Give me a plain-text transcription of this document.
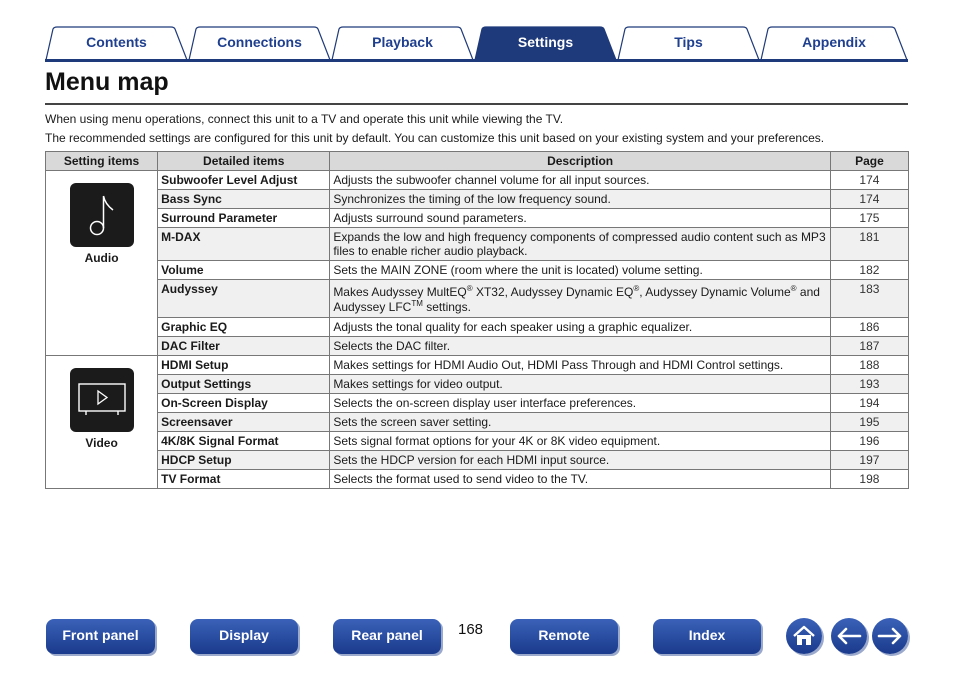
Contents	Connections	Playback	Settings	Tips	Appendix
Menu map
When using menu operations, connect this unit to a TV and operate this unit while viewing the TV.
The recommended settings are configured for this unit by default. You can customize this unit based on your existing system and your preferences.
Setting items	Detailed items	Description	Page

Audio	Subwoofer Level Adjust	Adjusts the subwoofer channel volume for all input sources.	174
	Bass Sync	Synchronizes the timing of the low frequency sound.	174
	Surround Parameter	Adjusts surround sound parameters.	175
	M-DAX	Expands the low and high frequency components of compressed audio content such as MP3 files to enable richer audio playback.	181
	Volume	Sets the MAIN ZONE (room where the unit is located) volume setting.	182
	Audyssey	Makes Audyssey MultEQ® XT32, Audyssey Dynamic EQ®, Audyssey Dynamic Volume® and Audyssey LFC™ settings.	183
	Graphic EQ	Adjusts the tonal quality for each speaker using a graphic equalizer.	186
	DAC Filter	Selects the DAC filter.	187

Video	HDMI Setup	Makes settings for HDMI Audio Out, HDMI Pass Through and HDMI Control settings.	188
	Output Settings	Makes settings for video output.	193
	On-Screen Display	Selects the on-screen display user interface preferences.	194
	Screensaver	Sets the screen saver setting.	195
	4K/8K Signal Format	Sets signal format options for your 4K or 8K video equipment.	196
	HDCP Setup	Sets the HDCP version for each HDMI input source.	197
	TV Format	Selects the format used to send video to the TV.	198
Front panel	Display	Rear panel	168	Remote	Index
